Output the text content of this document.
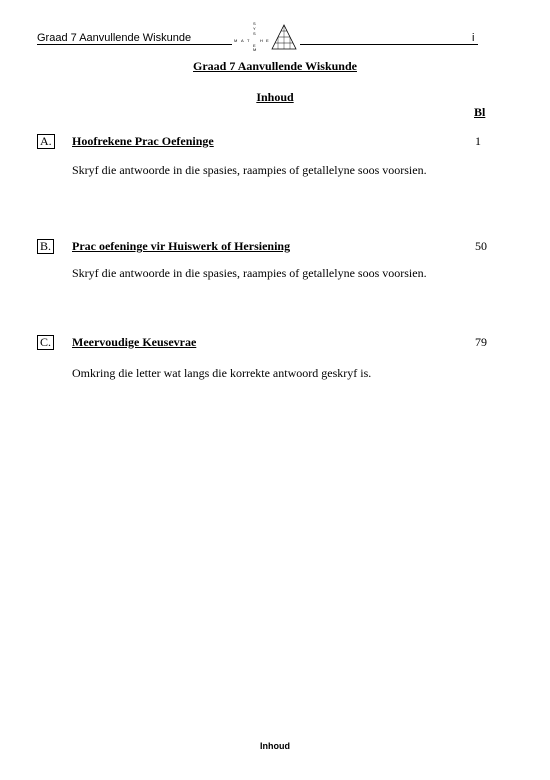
Graad 7 Aanvullende Wiskunde	M A T	H E
S
Y
S
E
M
i
Graad 7 Aanvullende Wiskunde
Inhoud
Bl
A. Hoofrekene Prac Oefeninge	1
Skryf die antwoorde in die spasies, raampies of getallelyne soos voorsien.
B. Prac oefeninge vir Huiswerk of Hersiening	50
Skryf die antwoorde in die spasies, raampies of getallelyne soos voorsien.
C. Meervoudige Keusevrae	79
Omkring die letter wat langs die korrekte antwoord geskryf is.
Inhoud
